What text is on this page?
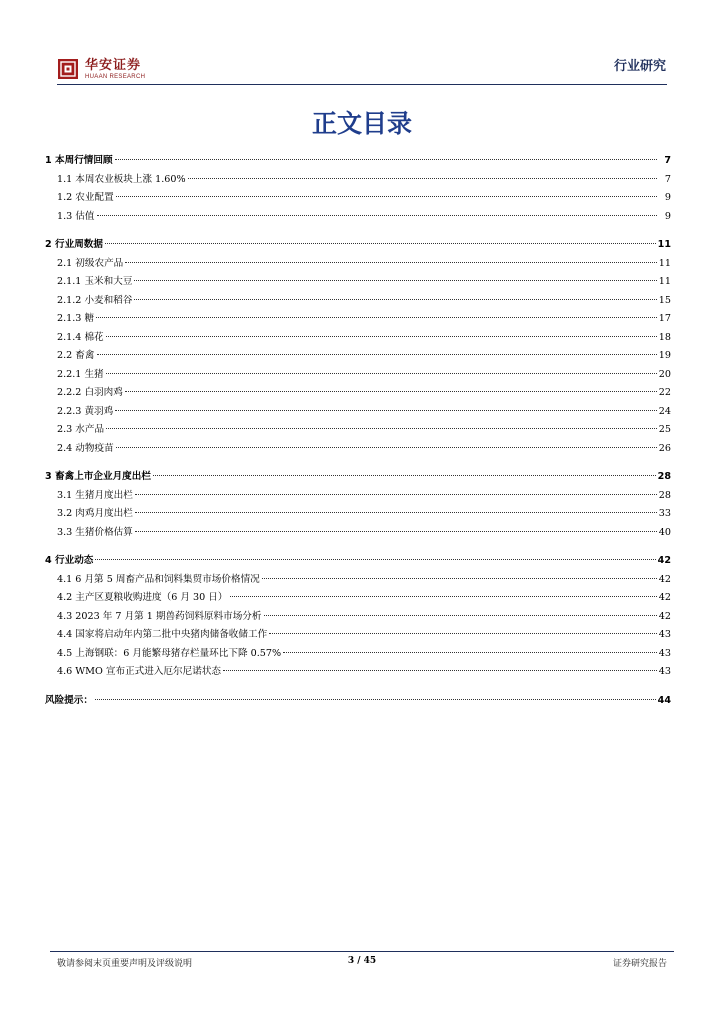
华安证券
HUAAN RESEARCH
行业研究
正文目录
1 本周行情回顾	7
1.1 本周农业板块上涨 1.60%	7
1.2 农业配置	9
1.3 估值	9
2 行业周数据	11
2.1 初级农产品	11
2.1.1 玉米和大豆	11
2.1.2 小麦和稻谷	15
2.1.3 糖	17
2.1.4 棉花	18
2.2 畜禽	19
2.2.1 生猪	20
2.2.2 白羽肉鸡	22
2.2.3 黄羽鸡	24
2.3 水产品	25
2.4 动物疫苗	26
3 畜禽上市企业月度出栏	28
3.1 生猪月度出栏	28
3.2 肉鸡月度出栏	33
3.3 生猪价格估算	40
4 行业动态	42
4.1 6 月第 5 周畜产品和饲料集贸市场价格情况	42
4.2 主产区夏粮收购进度（6 月 30 日）	42
4.3 2023 年 7 月第 1 期兽药饲料原料市场分析	42
4.4 国家将启动年内第二批中央猪肉储备收储工作	43
4.5 上海钢联：6 月能繁母猪存栏量环比下降 0.57%	43
4.6 WMO 宣布正式进入厄尔尼诺状态	43
风险提示：	44
敬请参阅末页重要声明及评级说明	3 / 45	证券研究报告
